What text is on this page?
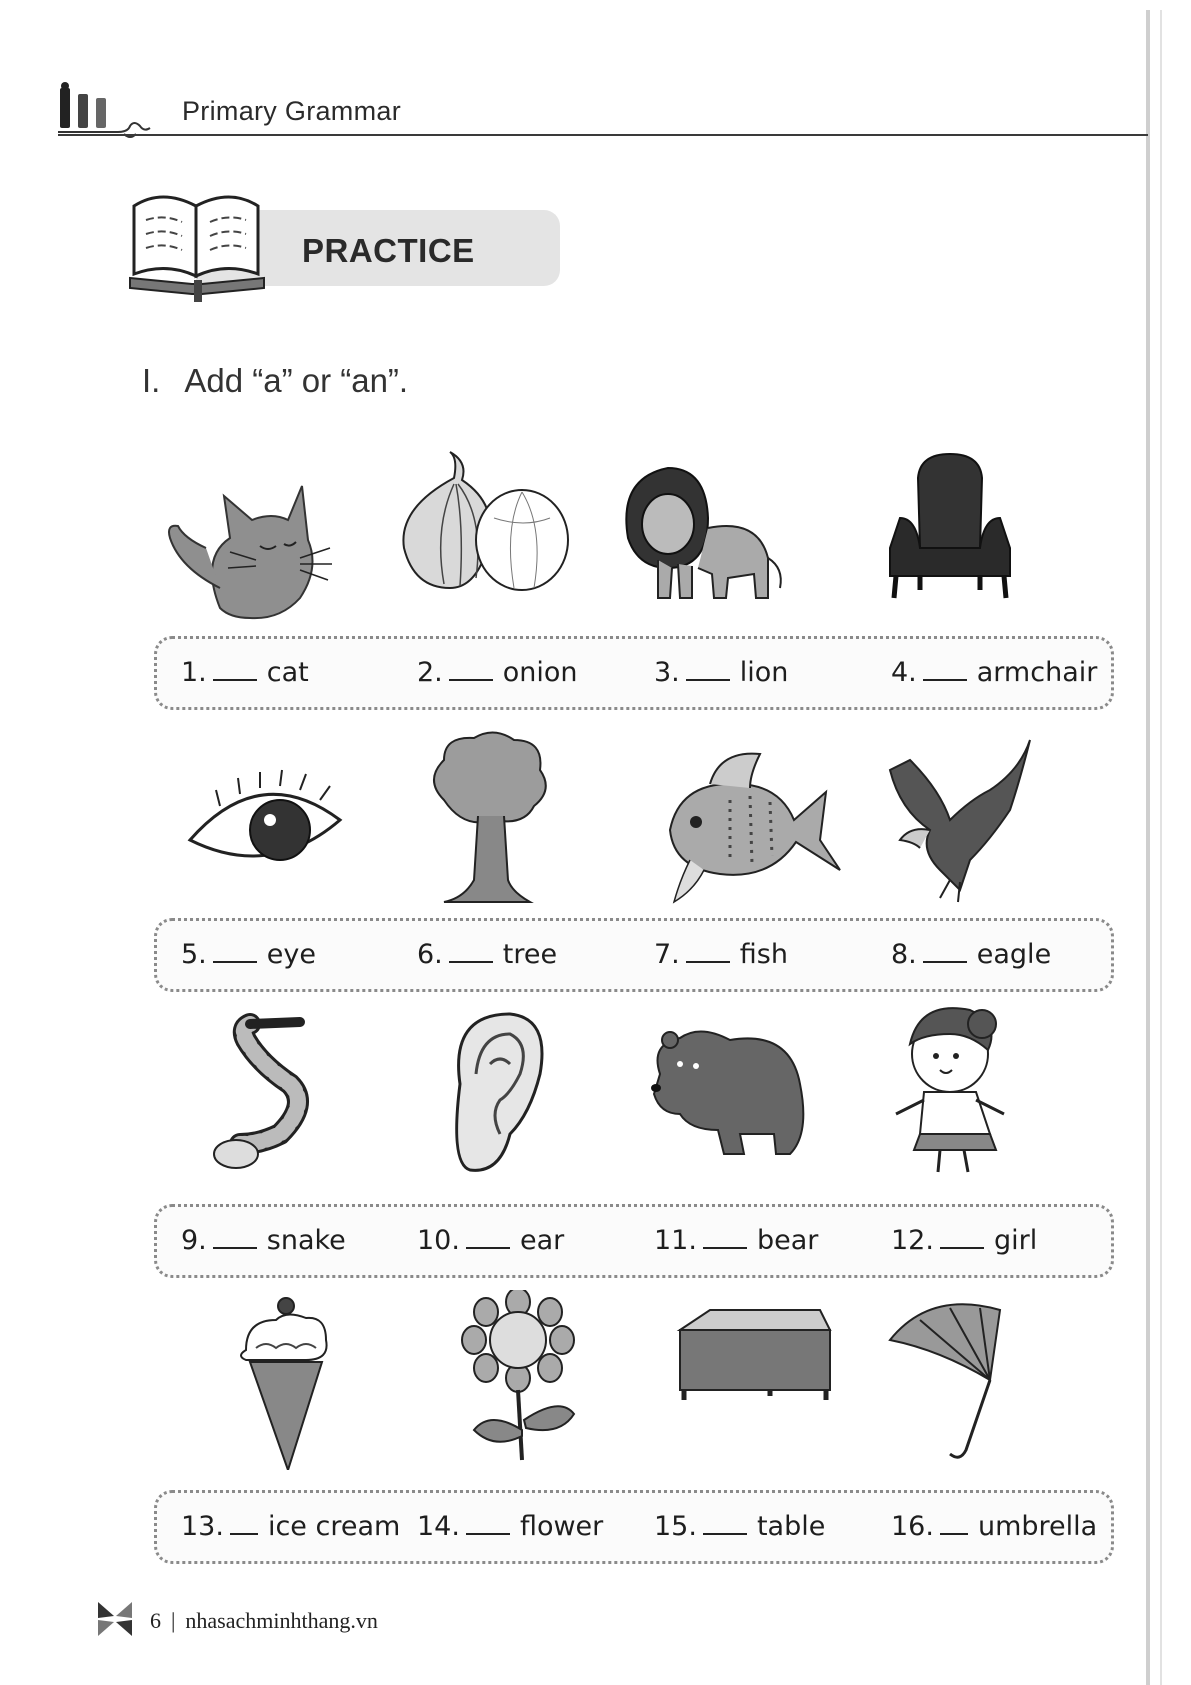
Primary Grammar
PRACTICE
I. Add “a” or “an”.
1. cat	2. onion	3. lion	4. armchair
5. eye	6. tree	7. fish	8. eagle
9. snake	10. ear	11. bear	12. girl
13. ice cream 14. flower 15. table 16. umbrella
6 | nhasachminhthang.vn
